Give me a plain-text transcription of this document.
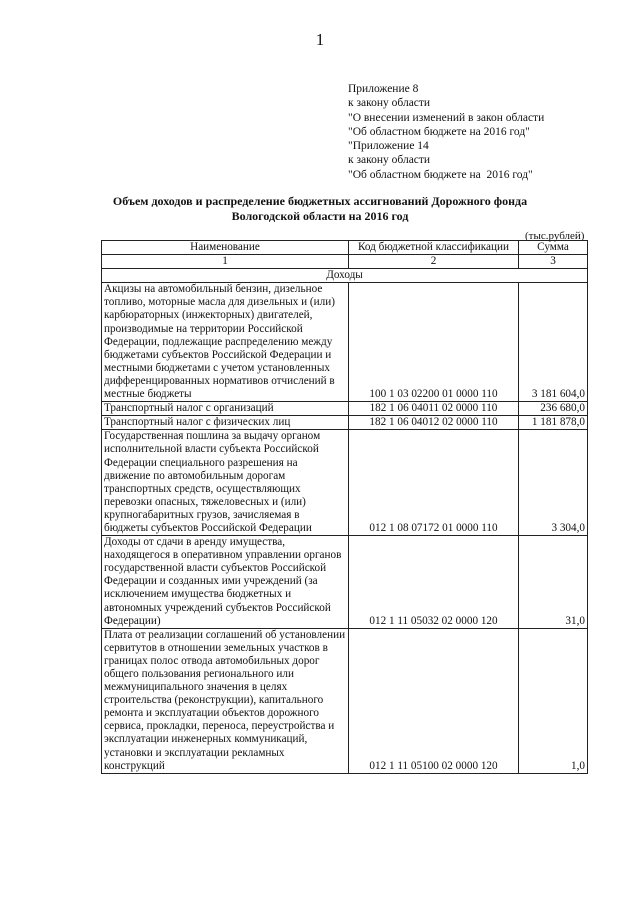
1
Приложение 8
к закону области
"О внесении изменений в закон области
"Об областном бюджете на 2016 год"
"Приложение 14
к закону области
"Об областном бюджете на  2016 год"
Объем доходов и распределение бюджетных ассигнований Дорожного фонда
Вологодской области на 2016 год
(тыс.рублей)
Наименование	Код бюджетной классификации	Сумма
1	2	3
Доходы		
Акцизы на автомобильный бензин, дизельное топливо, моторные масла для дизельных и (или) карбюраторных (инжекторных) двигателей, производимые на территории Российской Федерации, подлежащие распределению между бюджетами субъектов Российской Федерации и местными бюджетами с учетом установленных дифференцированных нормативов отчислений в местные бюджеты	100 1 03 02200 01 0000 110	3 181 604,0
Транспортный налог с организаций	182 1 06 04011 02 0000 110	236 680,0
Транспортный налог с физических лиц	182 1 06 04012 02 0000 110	1 181 878,0
Государственная пошлина за выдачу органом исполнительной власти субъекта Российской Федерации специального разрешения на движение по автомобильным дорогам транспортных средств, осуществляющих перевозки опасных, тяжеловесных и (или) крупногабаритных грузов, зачисляемая в бюджеты субъектов Российской Федерации	012 1 08 07172 01 0000 110	3 304,0
Доходы от сдачи в аренду имущества, находящегося в оперативном управлении органов государственной власти субъектов Российской Федерации и созданных ими учреждений (за исключением имущества бюджетных и автономных учреждений субъектов Российской Федерации)	012 1 11 05032 02 0000 120	31,0
Плата от реализации соглашений об установлении сервитутов в отношении земельных участков в границах полос отвода автомобильных дорог общего пользования регионального или межмуниципального значения в целях строительства (реконструкции), капитального ремонта и эксплуатации объектов дорожного сервиса, прокладки, переноса, переустройства и эксплуатации инженерных коммуникаций, установки и эксплуатации рекламных конструкций	012 1 11 05100 02 0000 120	1,0
